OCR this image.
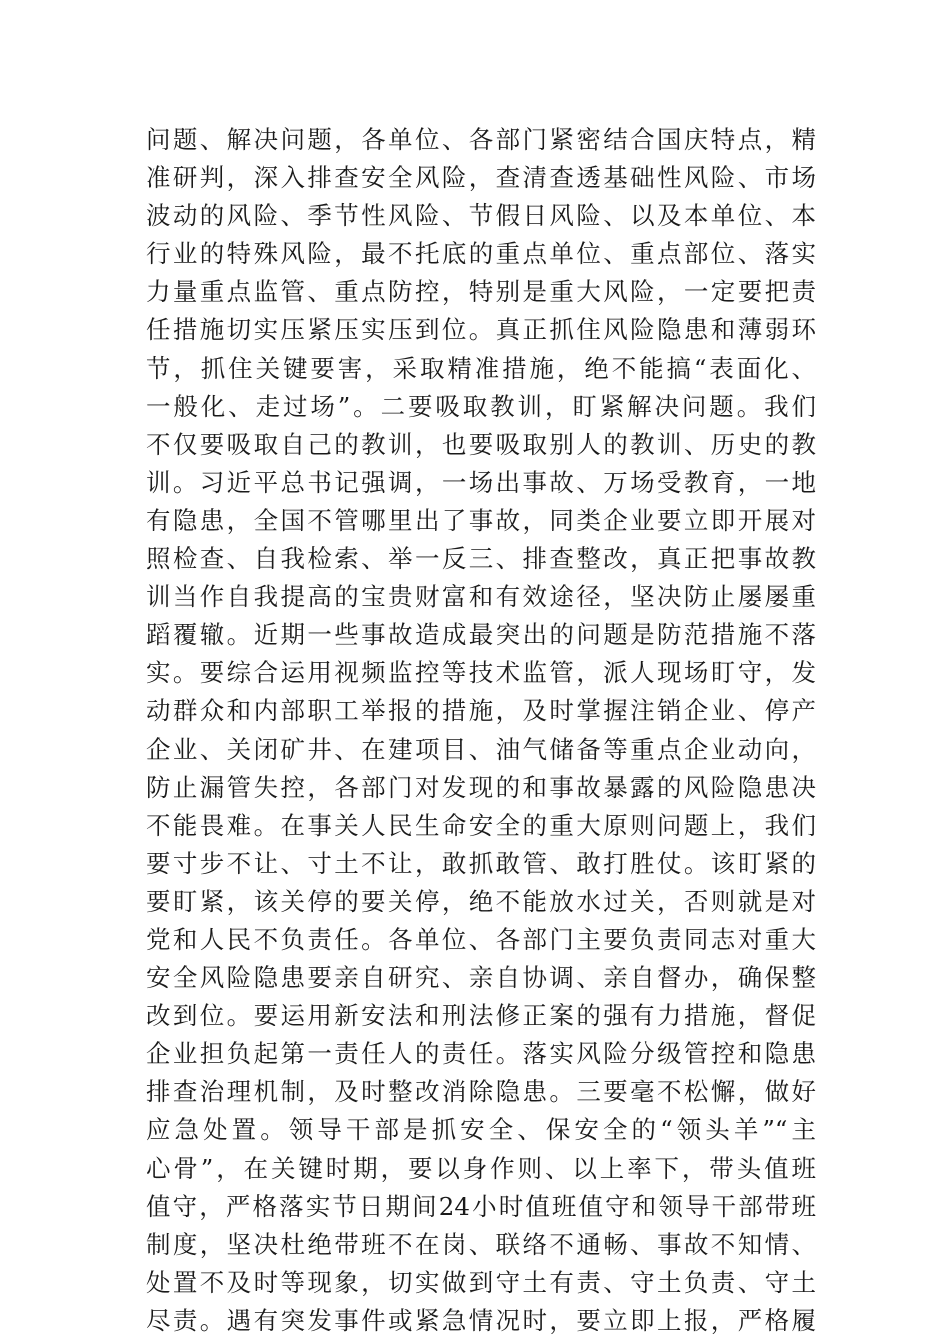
问题、解决问题，各单位、各部门紧密结合国庆特点，精
准研判，深入排查安全风险，查清查透基础性风险、市场
波动的风险、季节性风险、节假日风险、以及本单位、本
行业的特殊风险，最不托底的重点单位、重点部位、落实
力量重点监管、重点防控，特别是重大风险，一定要把责
任措施切实压紧压实压到位。真正抓住风险隐患和薄弱环
节，抓住关键要害，采取精准措施，绝不能搞“表面化、
一般化、走过场”。二要吸取教训，盯紧解决问题。我们
不仅要吸取自己的教训，也要吸取别人的教训、历史的教
训。习近平总书记强调，一场出事故、万场受教育，一地
有隐患，全国不管哪里出了事故，同类企业要立即开展对
照检查、自我检索、举一反三、排查整改，真正把事故教
训当作自我提高的宝贵财富和有效途径，坚决防止屡屡重
蹈覆辙。近期一些事故造成最突出的问题是防范措施不落
实。要综合运用视频监控等技术监管，派人现场盯守，发
动群众和内部职工举报的措施，及时掌握注销企业、停产
企业、关闭矿井、在建项目、油气储备等重点企业动向，
防止漏管失控，各部门对发现的和事故暴露的风险隐患决
不能畏难。在事关人民生命安全的重大原则问题上，我们
要寸步不让、寸土不让，敢抓敢管、敢打胜仗。该盯紧的
要盯紧，该关停的要关停，绝不能放水过关，否则就是对
党和人民不负责任。各单位、各部门主要负责同志对重大
安全风险隐患要亲自研究、亲自协调、亲自督办，确保整
改到位。要运用新安法和刑法修正案的强有力措施，督促
企业担负起第一责任人的责任。落实风险分级管控和隐患
排查治理机制，及时整改消除隐患。三要毫不松懈，做好
应急处置。领导干部是抓安全、保安全的“领头羊”“主
心骨”，在关键时期，要以身作则、以上率下，带头值班
值守，严格落实节日期间24小时值班值守和领导干部带班
制度，坚决杜绝带班不在岗、联络不通畅、事故不知情、
处置不及时等现象，切实做到守土有责、守土负责、守土
尽责。遇有突发事件或紧急情况时，要立即上报，严格履
